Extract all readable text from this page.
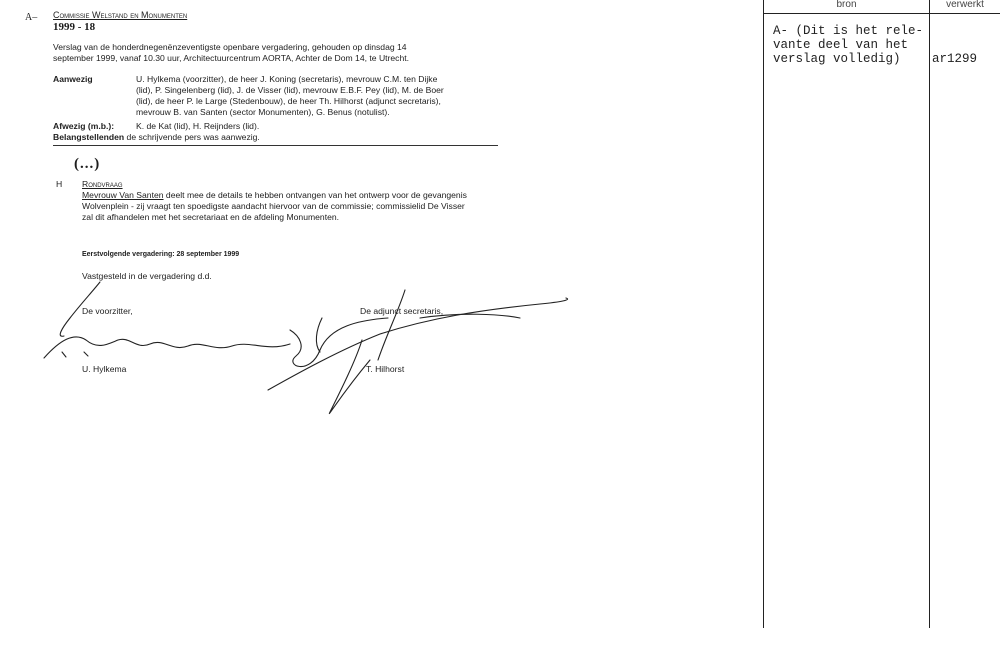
A– Commissie Welstand en Monumenten
1999 - 18
Verslag van de honderdnegenënzeventigste openbare vergadering, gehouden op dinsdag 14
september 1999, vanaf 10.30 uur, Architectuurcentrum AORTA, Achter de Dom 14, te Utrecht.
Aanwezig	U. Hylkema (voorzitter), de heer J. Koning (secretaris), mevrouw C.M. ten Dijke
(lid), P. Singelenberg (lid), J. de Visser (lid), mevrouw E.B.F. Pey (lid), M. de Boer
(lid), de heer P. le Large (Stedenbouw), de heer Th. Hilhorst (adjunct secretaris),
mevrouw B. van Santen (sector Monumenten), G. Benus (notulist).
Afwezig (m.b.):	K. de Kat (lid), H. Reijnders (lid).
Belangstellenden de schrijvende pers was aanwezig.
(...)
H Rondvraag
Mevrouw Van Santen deelt mee de details te hebben ontvangen van het ontwerp voor de gevangenis
Wolvenplein - zij vraagt ten spoedigste aandacht hiervoor van de commissie; commissielid De Visser
zal dit afhandelen met het secretariaat en de afdeling Monumenten.
Eerstvolgende vergadering: 28 september 1999
Vastgesteld in de vergadering d.d.
De voorzitter,
U. Hylkema
De adjunct secretaris,
T. Hilhorst
bron	verwerkt
A- (Dit is het rele-
vante deel van het
verslag volledig)	ar1299
